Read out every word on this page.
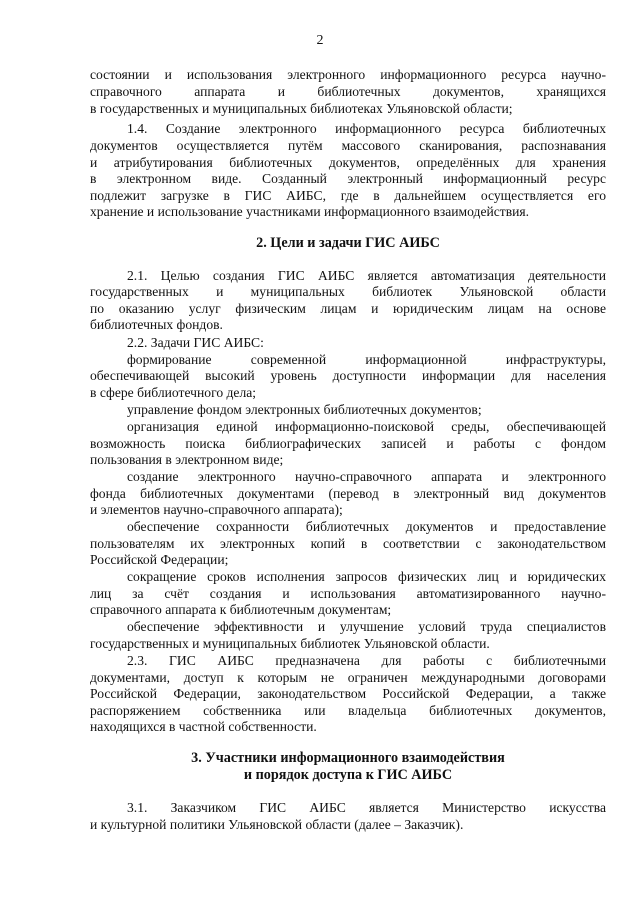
2
состоянии и использования электронного информационного ресурса научно-
справочного аппарата и библиотечных документов, хранящихся
в государственных и муниципальных библиотеках Ульяновской области;
1.4. Создание электронного информационного ресурса библиотечных
документов осуществляется путём массового сканирования, распознавания
и атрибутирования библиотечных документов, определённых для хранения
в электронном виде. Созданный электронный информационный ресурс
подлежит загрузке в ГИС АИБС, где в дальнейшем осуществляется его
хранение и использование участниками информационного взаимодействия.
2. Цели и задачи ГИС АИБС
2.1. Целью создания ГИС АИБС является автоматизация деятельности
государственных и муниципальных библиотек Ульяновской области
по оказанию услуг физическим лицам и юридическим лицам на основе
библиотечных фондов.
2.2. Задачи ГИС АИБС:
формирование современной информационной инфраструктуры,
обеспечивающей высокий уровень доступности информации для населения
в сфере библиотечного дела;
управление фондом электронных библиотечных документов;
организация единой информационно-поисковой среды, обеспечивающей
возможность поиска библиографических записей и работы с фондом
пользования в электронном виде;
создание электронного научно-справочного аппарата и электронного
фонда библиотечных документами (перевод в электронный вид документов
и элементов научно-справочного аппарата);
обеспечение сохранности библиотечных документов и предоставление
пользователям их электронных копий в соответствии с законодательством
Российской Федерации;
сокращение сроков исполнения запросов физических лиц и юридических
лиц за счёт создания и использования автоматизированного научно-
справочного аппарата к библиотечным документам;
обеспечение эффективности и улучшение условий труда специалистов
государственных и муниципальных библиотек Ульяновской области.
2.3. ГИС АИБС предназначена для работы с библиотечными
документами, доступ к которым не ограничен международными договорами
Российской Федерации, законодательством Российской Федерации, а также
распоряжением собственника или владельца библиотечных документов,
находящихся в частной собственности.
3. Участники информационного взаимодействия
и порядок доступа к ГИС АИБС
3.1. Заказчиком ГИС АИБС является Министерство искусства
и культурной политики Ульяновской области (далее – Заказчик).
